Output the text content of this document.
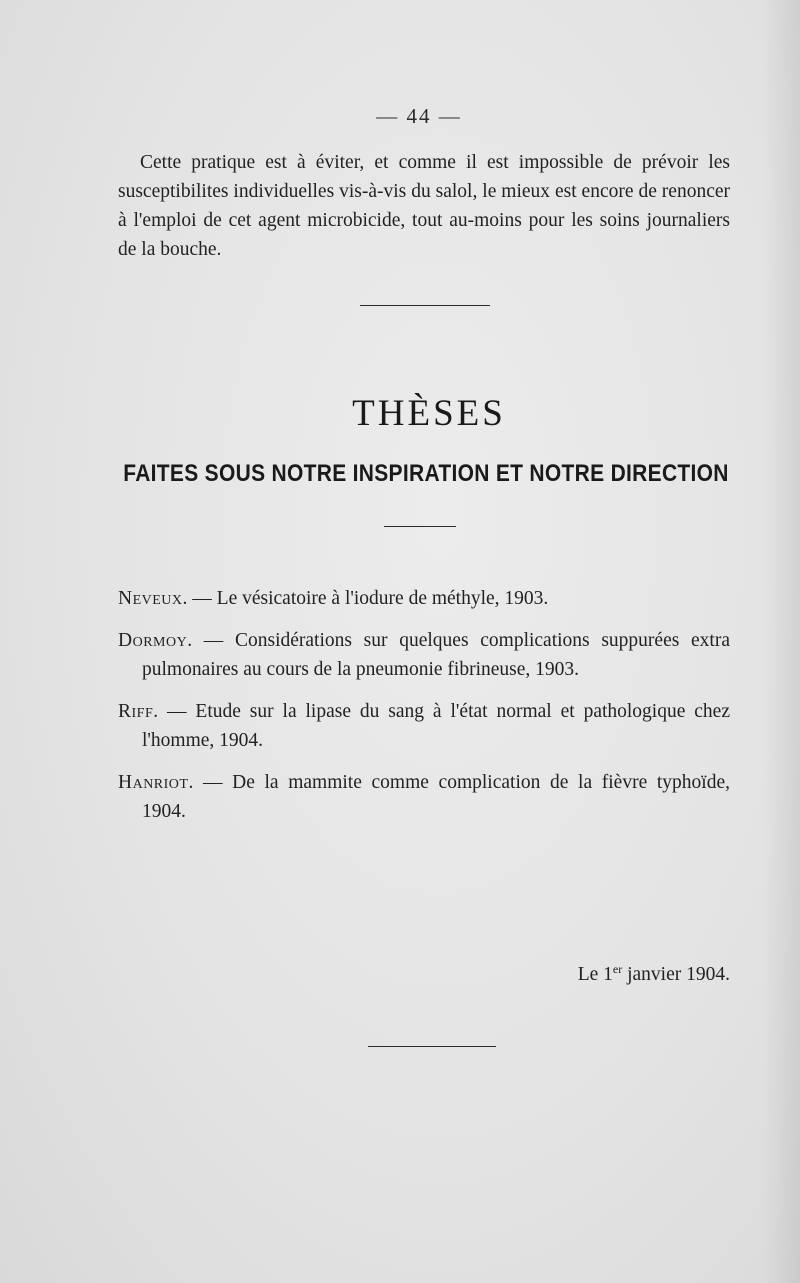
— 44 —

Cette pratique est à éviter, et comme il est impossible de prévoir les susceptibilites individuelles vis-à-vis du salol, le mieux est encore de renoncer à l'emploi de cet agent microbicide, tout au-moins pour les soins journaliers de la bouche.

THÈSES
FAITES SOUS NOTRE INSPIRATION ET NOTRE DIRECTION
Neveux. — Le vésicatoire à l'iodure de méthyle, 1903.
Dormoy. — Considérations sur quelques complications suppurées extra pulmonaires au cours de la pneumonie fibrineuse, 1903.
Riff. — Etude sur la lipase du sang à l'état normal et pathologique chez l'homme, 1904.
Hanriot. — De la mammite comme complication de la fièvre typhoïde, 1904.
Le 1er janvier 1904.
